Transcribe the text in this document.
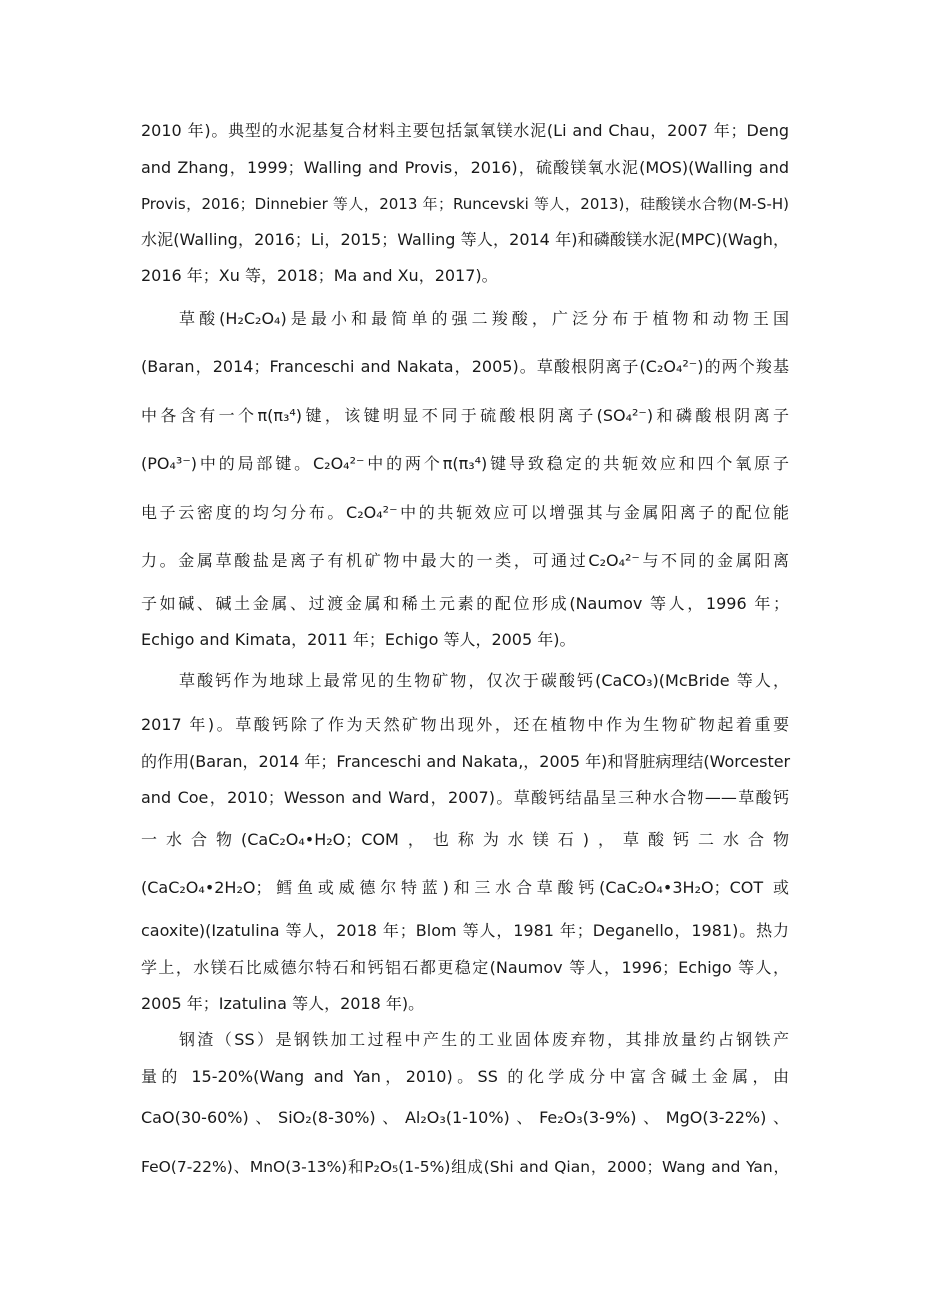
2010 年)。典型的水泥基复合材料主要包括氯氧镁水泥(Li and Chau，2007 年；Deng
and Zhang，1999；Walling and Provis，2016)，硫酸镁氧水泥(MOS)(Walling and
Provis，2016；Dinnebier 等人，2013 年；Runcevski 等人，2013)，硅酸镁水合物(M-S-H)
水泥(Walling，2016；Li，2015；Walling 等人，2014 年)和磷酸镁水泥(MPC)(Wagh，
2016 年；Xu 等，2018；Ma and Xu，2017)。
草酸(H₂C₂O₄)是最小和最简单的强二羧酸，广泛分布于植物和动物王国
(Baran，2014；Franceschi and Nakata，2005)。草酸根阴离子(C₂O₄²⁻)的两个羧基
中各含有一个π(π₃⁴)键，该键明显不同于硫酸根阴离子(SO₄²⁻)和磷酸根阴离子
(PO₄³⁻)中的局部键。C₂O₄²⁻中的两个π(π₃⁴)键导致稳定的共轭效应和四个氧原子
电子云密度的均匀分布。C₂O₄²⁻中的共轭效应可以增强其与金属阳离子的配位能
力。金属草酸盐是离子有机矿物中最大的一类，可通过C₂O₄²⁻与不同的金属阳离
子如碱、碱土金属、过渡金属和稀土元素的配位形成(Naumov 等人，1996 年；
Echigo and Kimata，2011 年；Echigo 等人，2005 年)。
草酸钙作为地球上最常见的生物矿物，仅次于碳酸钙(CaCO₃)(McBride 等人，
2017 年)。草酸钙除了作为天然矿物出现外，还在植物中作为生物矿物起着重要
的作用(Baran，2014 年；Franceschi and Nakata,，2005 年)和肾脏病理结(Worcester
and Coe，2010；Wesson and Ward，2007)。草酸钙结晶呈三种水合物——草酸钙
一水合物(CaC₂O₄•H₂O；COM，也称为水镁石)，草酸钙二水合物
(CaC₂O₄•2H₂O；鳕鱼或威德尔特蓝)和三水合草酸钙(CaC₂O₄•3H₂O；COT 或
caoxite)(Izatulina 等人，2018 年；Blom 等人，1981 年；Deganello，1981)。热力
学上，水镁石比威德尔特石和钙铝石都更稳定(Naumov 等人，1996；Echigo 等人，
2005 年；Izatulina 等人，2018 年)。
钢渣（SS）是钢铁加工过程中产生的工业固体废弃物，其排放量约占钢铁产
量的 15-20%(Wang and Yan，2010)。SS 的化学成分中富含碱土金属，由
CaO(30-60%)、SiO₂(8-30%)、Al₂O₃(1-10%)、Fe₂O₃(3-9%)、MgO(3-22%)、
FeO(7-22%)、MnO(3-13%)和P₂O₅(1-5%)组成(Shi and Qian，2000；Wang and Yan，
